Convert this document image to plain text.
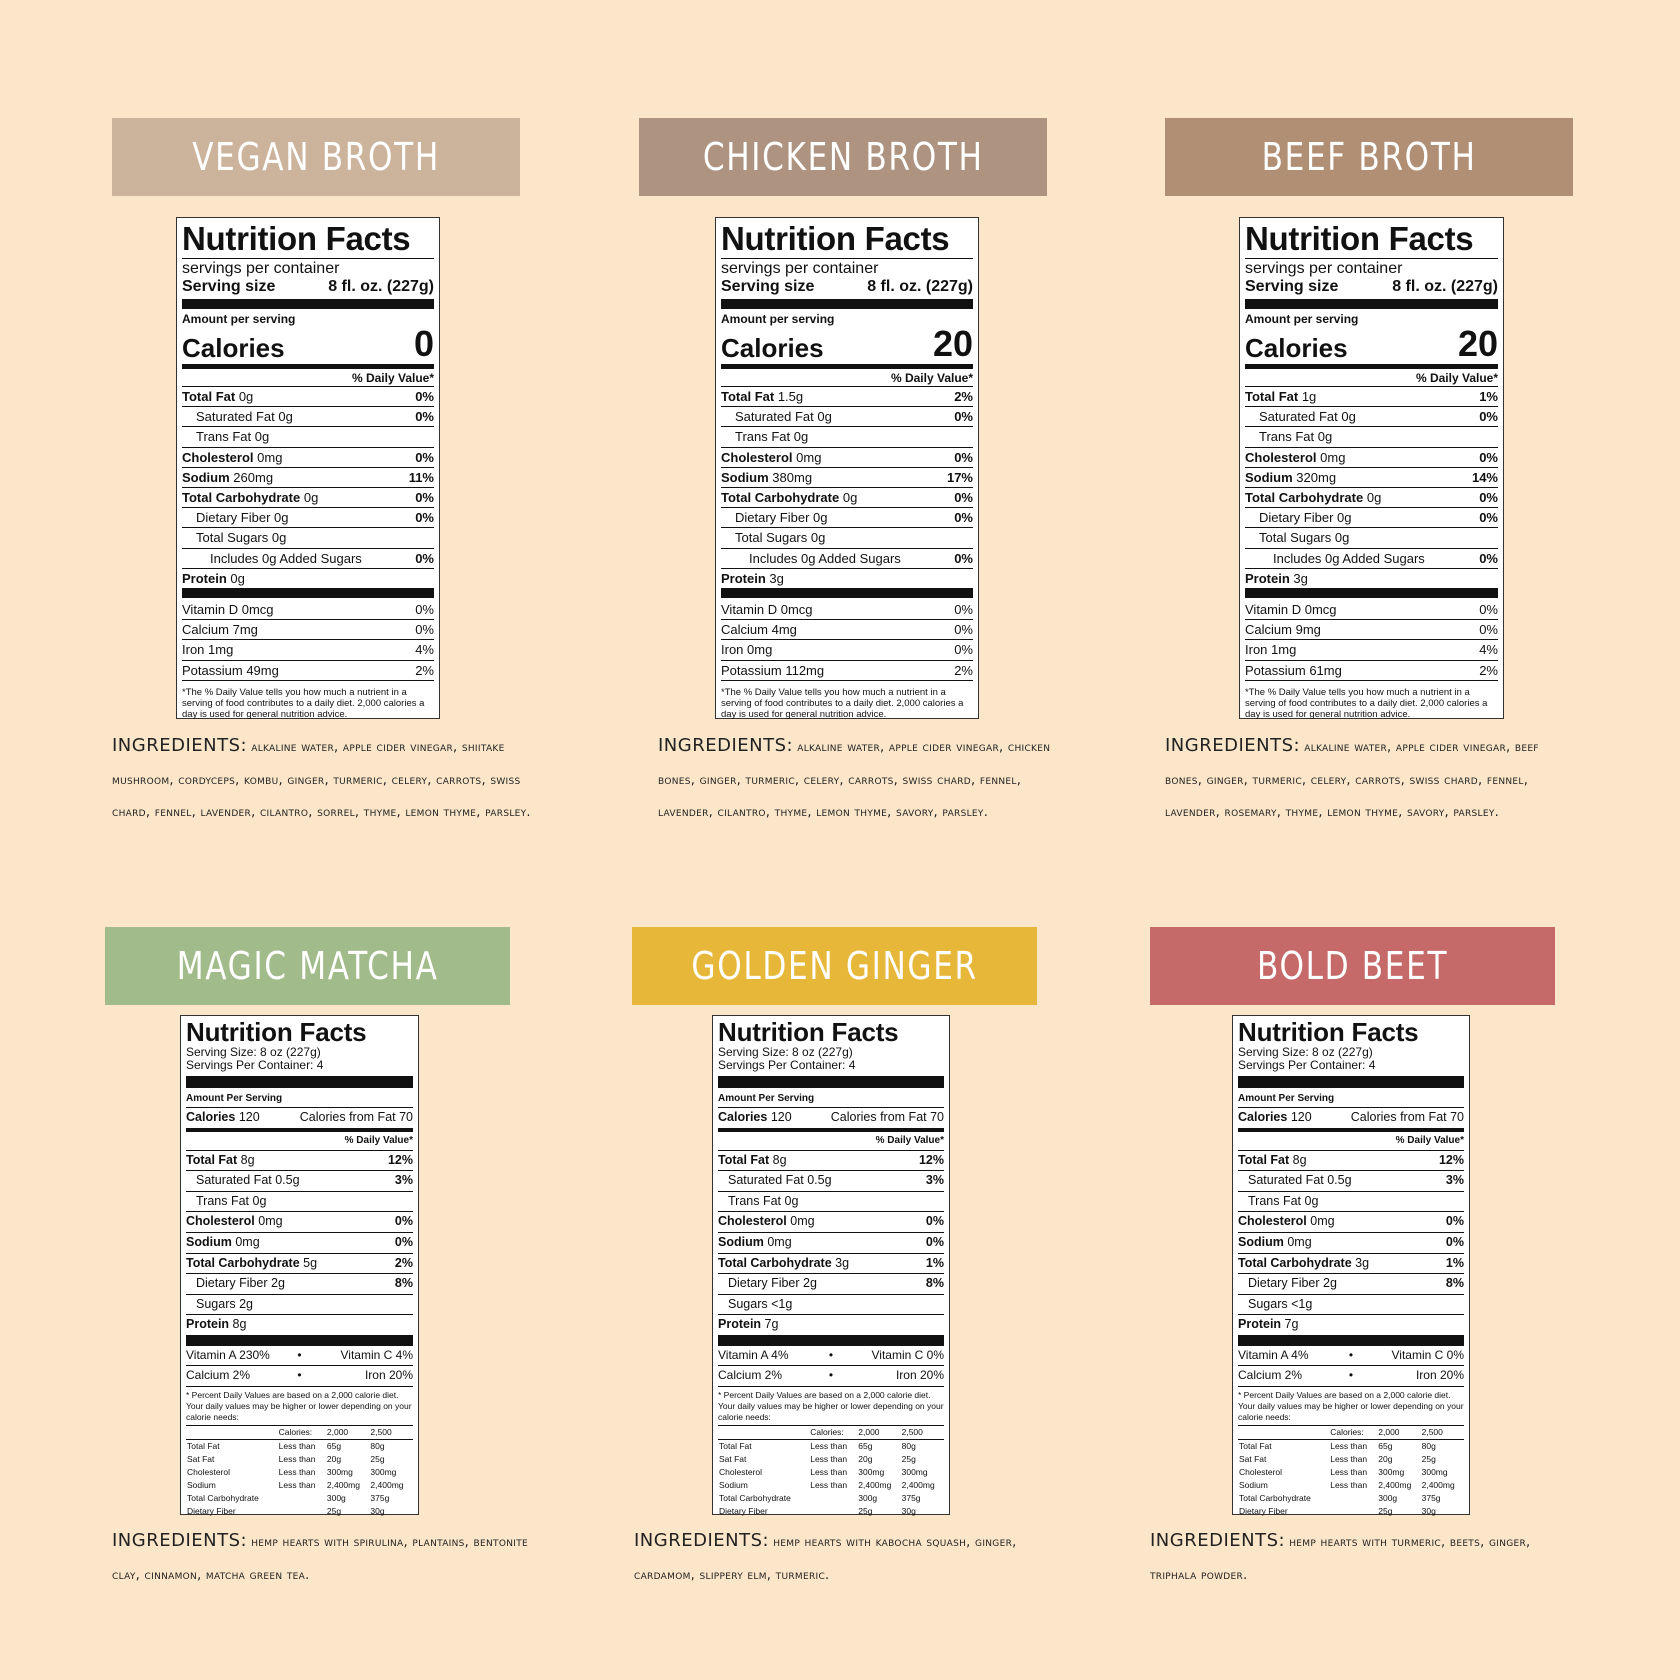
VEGAN BROTH
Nutrition Facts
servings per container
Serving size	8 fl. oz. (227g)
Amount per serving
Calories	0
% Daily Value*
Total Fat 0g	0%
Saturated Fat 0g	0%
Trans Fat 0g
Cholesterol 0mg	0%
Sodium 260mg	11%
Total Carbohydrate 0g	0%
Dietary Fiber 0g	0%
Total Sugars 0g
Includes 0g Added Sugars	0%
Protein 0g
Vitamin D 0mcg	0%
Calcium 7mg	0%
Iron 1mg	4%
Potassium 49mg	2%
*The % Daily Value tells you how much a nutrient in a serving of food contributes to a daily diet. 2,000 calories a day is used for general nutrition advice.
INGREDIENTS: alkaline water, apple cider vinegar, shiitake mushroom, cordyceps, kombu, ginger, turmeric, celery, carrots, swiss chard, fennel, lavender, cilantro, sorrel, thyme, lemon thyme, parsley.
CHICKEN BROTH
Nutrition Facts
servings per container
Serving size	8 fl. oz. (227g)
Amount per serving
Calories	20
% Daily Value*
Total Fat 1.5g	2%
Saturated Fat 0g	0%
Trans Fat 0g
Cholesterol 0mg	0%
Sodium 380mg	17%
Total Carbohydrate 0g	0%
Dietary Fiber 0g	0%
Total Sugars 0g
Includes 0g Added Sugars	0%
Protein 3g
Vitamin D 0mcg	0%
Calcium 4mg	0%
Iron 0mg	0%
Potassium 112mg	2%
*The % Daily Value tells you how much a nutrient in a serving of food contributes to a daily diet. 2,000 calories a day is used for general nutrition advice.
INGREDIENTS: alkaline water, apple cider vinegar, chicken bones, ginger, turmeric, celery, carrots, swiss chard, fennel, lavender, cilantro, thyme, lemon thyme, savory, parsley.
BEEF BROTH
Nutrition Facts
servings per container
Serving size	8 fl. oz. (227g)
Amount per serving
Calories	20
% Daily Value*
Total Fat 1g	1%
Saturated Fat 0g	0%
Trans Fat 0g
Cholesterol 0mg	0%
Sodium 320mg	14%
Total Carbohydrate 0g	0%
Dietary Fiber 0g	0%
Total Sugars 0g
Includes 0g Added Sugars	0%
Protein 3g
Vitamin D 0mcg	0%
Calcium 9mg	0%
Iron 1mg	4%
Potassium 61mg	2%
*The % Daily Value tells you how much a nutrient in a serving of food contributes to a daily diet. 2,000 calories a day is used for general nutrition advice.
INGREDIENTS: alkaline water, apple cider vinegar, beef bones, ginger, turmeric, celery, carrots, swiss chard, fennel, lavender, rosemary, thyme, lemon thyme, savory, parsley.
MAGIC MATCHA
Nutrition Facts
Serving Size: 8 oz (227g)
Servings Per Container: 4
Amount Per Serving
Calories 120	Calories from Fat 70
% Daily Value*
Total Fat 8g	12%
Saturated Fat 0.5g	3%
Trans Fat 0g
Cholesterol 0mg	0%
Sodium 0mg	0%
Total Carbohydrate 5g	2%
Dietary Fiber 2g	8%
Sugars 2g
Protein 8g
Vitamin A 230%	•	Vitamin C 4%
Calcium 2%	•	Iron 20%
* Percent Daily Values are based on a 2,000 calorie diet. Your daily values may be higher or lower depending on your calorie needs:
	Calories:	2,000	2,500
Total Fat	Less than	65g	80g
Sat Fat	Less than	20g	25g
Cholesterol	Less than	300mg	300mg
Sodium	Less than	2,400mg	2,400mg
Total Carbohydrate		300g	375g
Dietary Fiber		25g	30g
INGREDIENTS: hemp hearts with spirulina, plantains, bentonite clay, cinnamon, matcha green tea.
GOLDEN GINGER
Nutrition Facts
Serving Size: 8 oz (227g)
Servings Per Container: 4
Amount Per Serving
Calories 120	Calories from Fat 70
% Daily Value*
Total Fat 8g	12%
Saturated Fat 0.5g	3%
Trans Fat 0g
Cholesterol 0mg	0%
Sodium 0mg	0%
Total Carbohydrate 3g	1%
Dietary Fiber 2g	8%
Sugars <1g
Protein 7g
Vitamin A 4%	•	Vitamin C 0%
Calcium 2%	•	Iron 20%
* Percent Daily Values are based on a 2,000 calorie diet. Your daily values may be higher or lower depending on your calorie needs:
	Calories:	2,000	2,500
Total Fat	Less than	65g	80g
Sat Fat	Less than	20g	25g
Cholesterol	Less than	300mg	300mg
Sodium	Less than	2,400mg	2,400mg
Total Carbohydrate		300g	375g
Dietary Fiber		25g	30g
INGREDIENTS: hemp hearts with kabocha squash, ginger, cardamom, slippery elm, turmeric.
BOLD BEET
Nutrition Facts
Serving Size: 8 oz (227g)
Servings Per Container: 4
Amount Per Serving
Calories 120	Calories from Fat 70
% Daily Value*
Total Fat 8g	12%
Saturated Fat 0.5g	3%
Trans Fat 0g
Cholesterol 0mg	0%
Sodium 0mg	0%
Total Carbohydrate 3g	1%
Dietary Fiber 2g	8%
Sugars <1g
Protein 7g
Vitamin A 4%	•	Vitamin C 0%
Calcium 2%	•	Iron 20%
* Percent Daily Values are based on a 2,000 calorie diet. Your daily values may be higher or lower depending on your calorie needs:
	Calories:	2,000	2,500
Total Fat	Less than	65g	80g
Sat Fat	Less than	20g	25g
Cholesterol	Less than	300mg	300mg
Sodium	Less than	2,400mg	2,400mg
Total Carbohydrate		300g	375g
Dietary Fiber		25g	30g
INGREDIENTS: hemp hearts with turmeric, beets, ginger, triphala powder.
